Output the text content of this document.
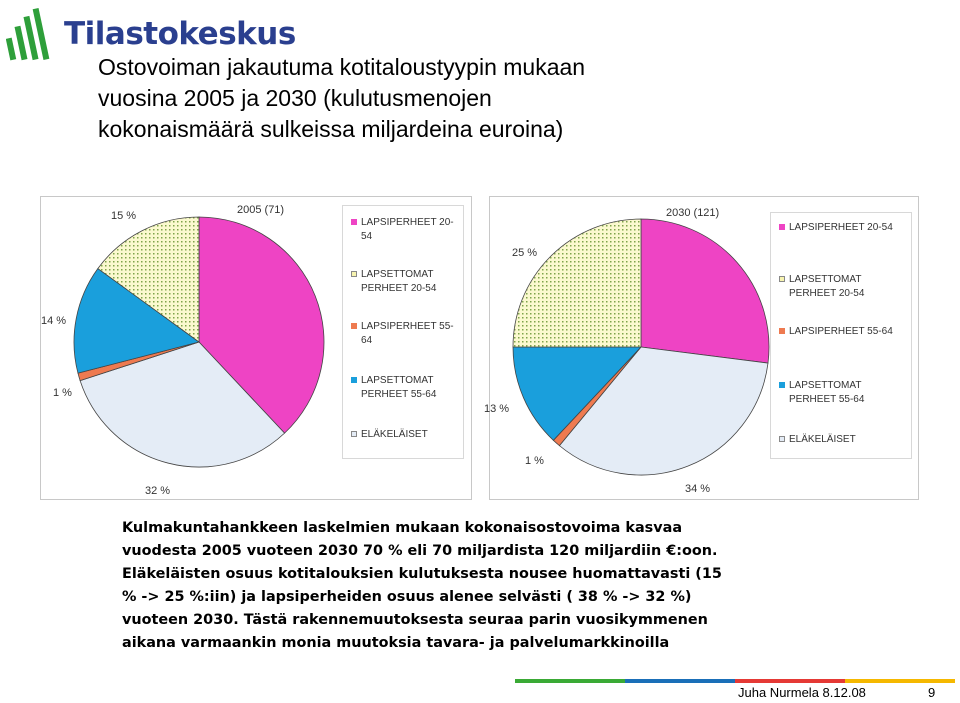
Tilastokeskus
Ostovoiman jakautuma kotitaloustyypin mukaan
vuosina 2005 ja 2030 (kulutusmenojen
kokonaismäärä sulkeissa miljardeina euroina)
2005 (71)
15 %
14 %
1 %
32 %
LAPSIPERHEET 20-54
LAPSETTOMAT PERHEET 20-54
LAPSIPERHEET 55-64
LAPSETTOMAT PERHEET 55-64
ELÄKELÄISET
2030 (121)
25 %
13 %
1 %
34 %
LAPSIPERHEET 20-54
LAPSETTOMAT PERHEET 20-54
LAPSIPERHEET 55-64
LAPSETTOMAT PERHEET 55-64
ELÄKELÄISET
Kulmakuntahankkeen laskelmien mukaan kokonaisostovoima kasvaa
vuodesta 2005 vuoteen 2030 70 % eli 70 miljardista 120 miljardiin €:oon.
Eläkeläisten osuus kotitalouksien kulutuksesta nousee huomattavasti (15
% -> 25 %:iin) ja lapsiperheiden osuus alenee selvästi ( 38 % -> 32 %)
vuoteen 2030. Tästä rakennemuutoksesta seuraa parin vuosikymmenen
aikana varmaankin monia muutoksia tavara- ja palvelumarkkinoilla
Juha Nurmela 8.12.08	9
